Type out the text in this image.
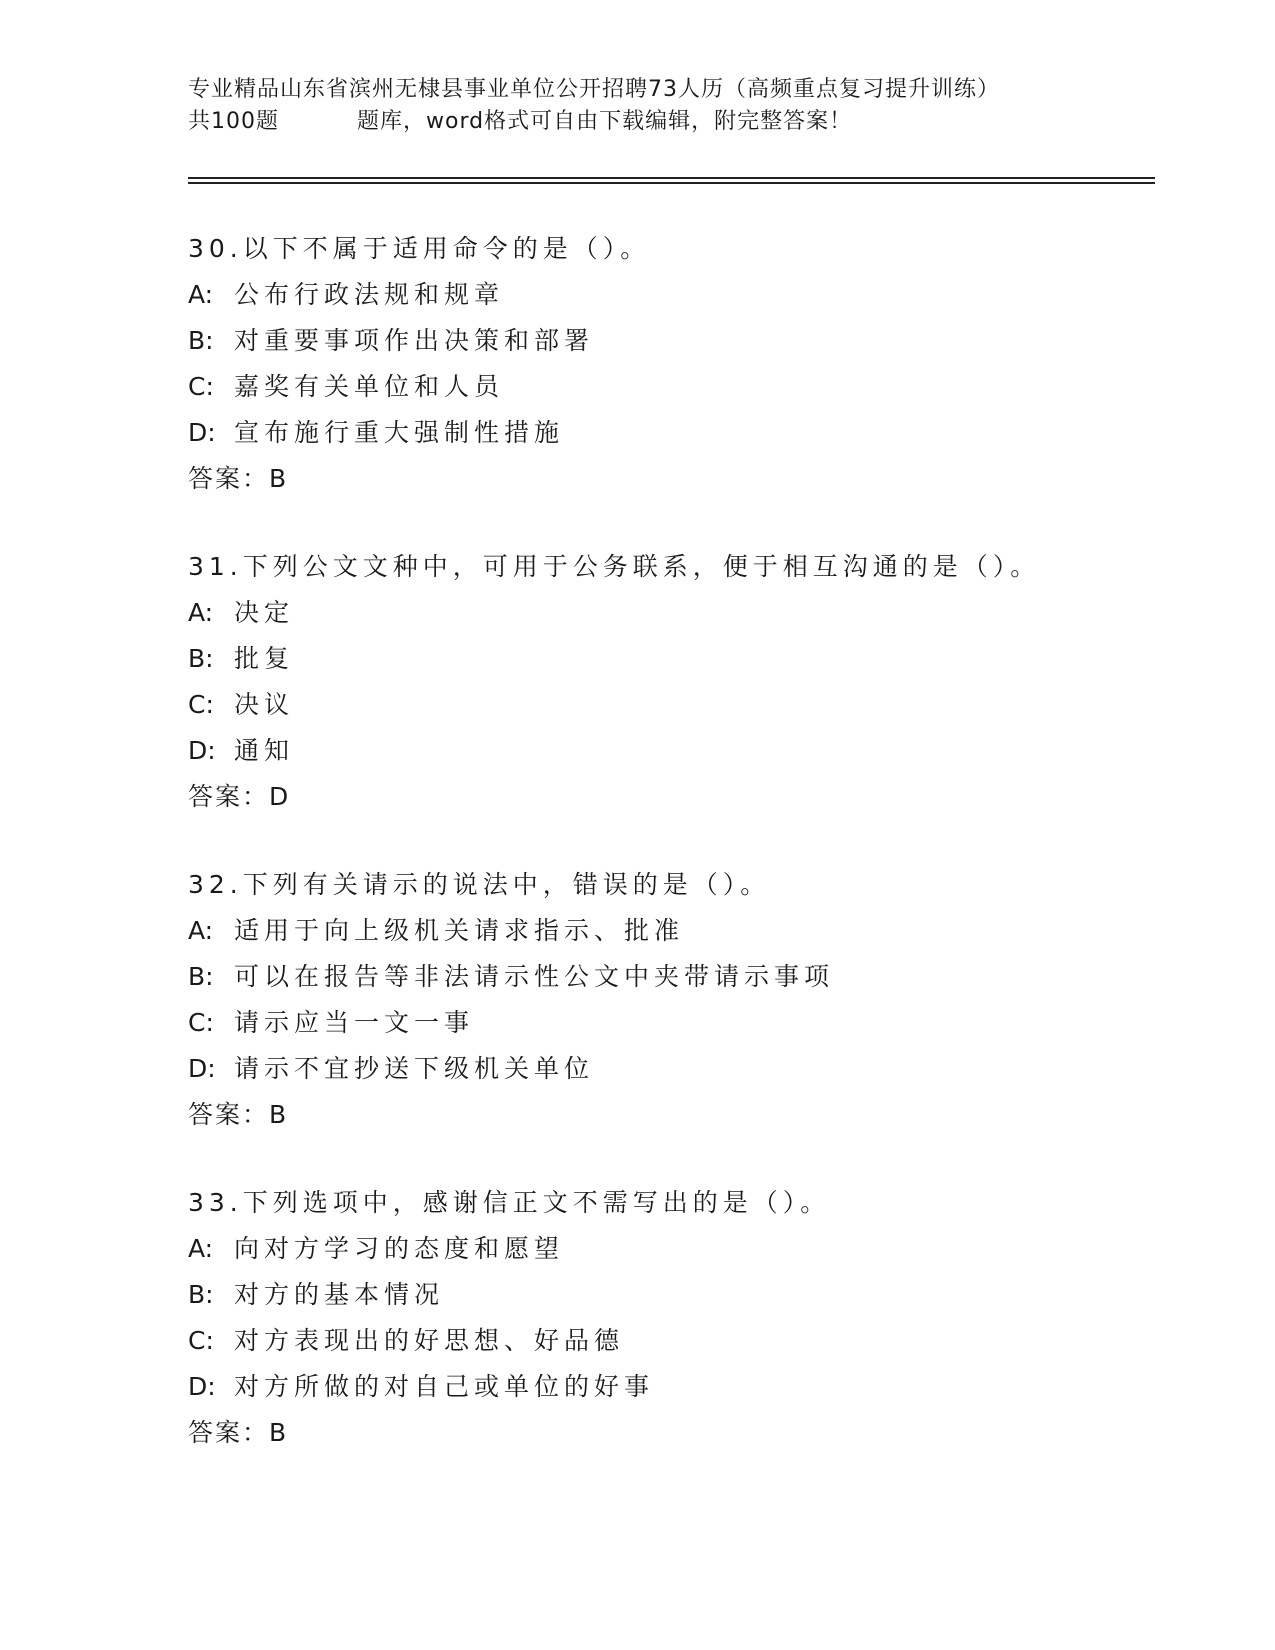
专业精品山东省滨州无棣县事业单位公开招聘73人历（高频重点复习提升训练）
共100题	题库，word格式可自由下载编辑，附完整答案！
30.以下不属于适用命令的是（）。
A: 公布行政法规和规章
B: 对重要事项作出决策和部署
C: 嘉奖有关单位和人员
D: 宣布施行重大强制性措施
答案：B
31.下列公文文种中，可用于公务联系，便于相互沟通的是（）。
A: 决定
B: 批复
C: 决议
D: 通知
答案：D
32.下列有关请示的说法中，错误的是（）。
A: 适用于向上级机关请求指示、批准
B: 可以在报告等非法请示性公文中夹带请示事项
C: 请示应当一文一事
D: 请示不宜抄送下级机关单位
答案：B
33.下列选项中，感谢信正文不需写出的是（）。
A: 向对方学习的态度和愿望
B: 对方的基本情况
C: 对方表现出的好思想、好品德
D: 对方所做的对自己或单位的好事
答案：B
